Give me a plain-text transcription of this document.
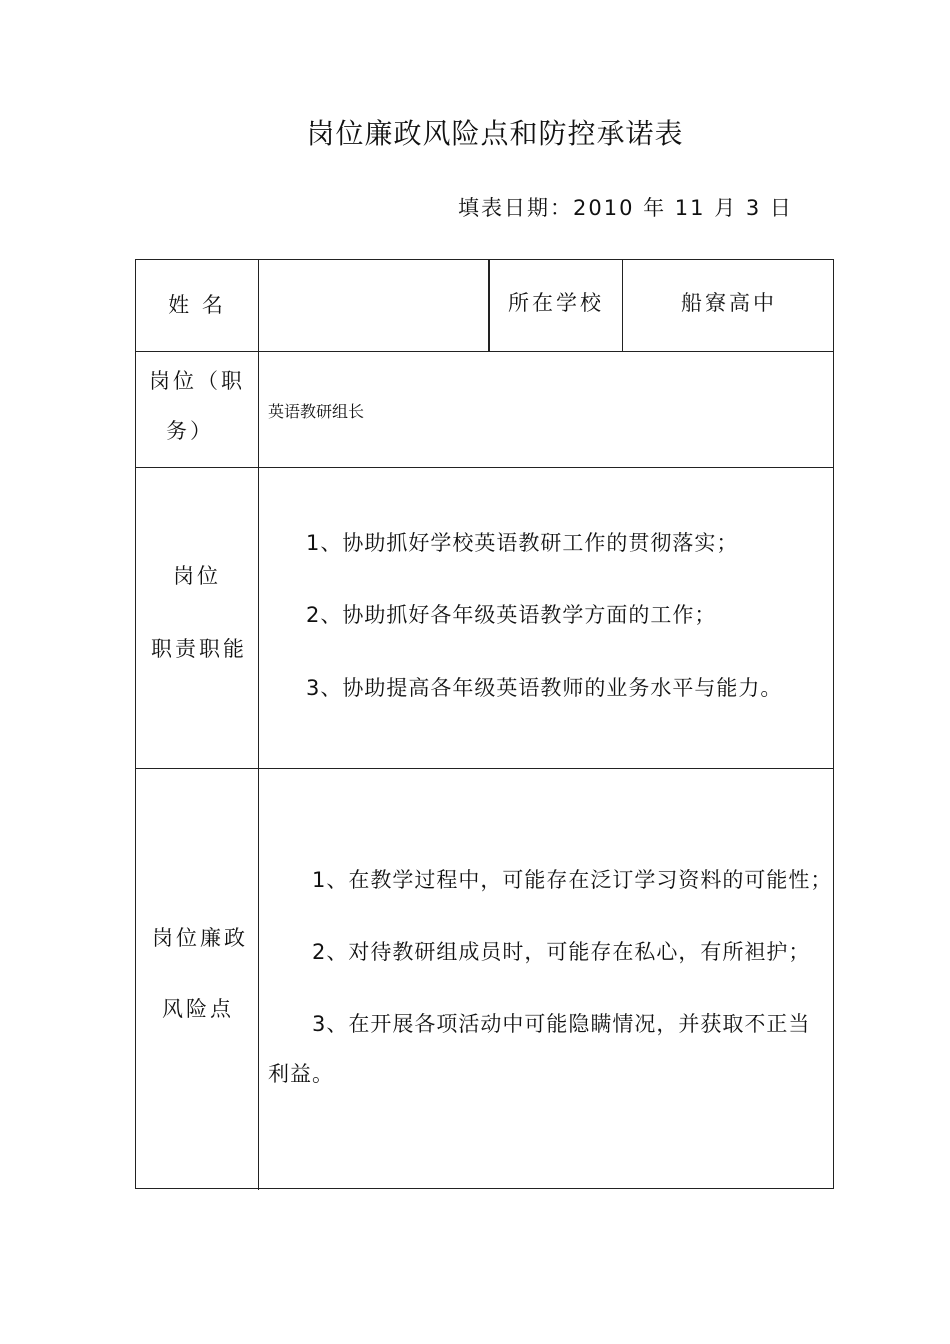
岗位廉政风险点和防控承诺表
填表日期：2010 年 11 月 3 日
姓 名	所在学校	船寮高中
岗位（职
务）
英语教研组长
岗位
职责职能
1、协助抓好学校英语教研工作的贯彻落实；
2、协助抓好各年级英语教学方面的工作；
3、协助提高各年级英语教师的业务水平与能力。
岗位廉政
风险点
1、在教学过程中，可能存在泛订学习资料的可能性；
2、对待教研组成员时，可能存在私心，有所袒护；
3、在开展各项活动中可能隐瞒情况，并获取不正当
利益。
